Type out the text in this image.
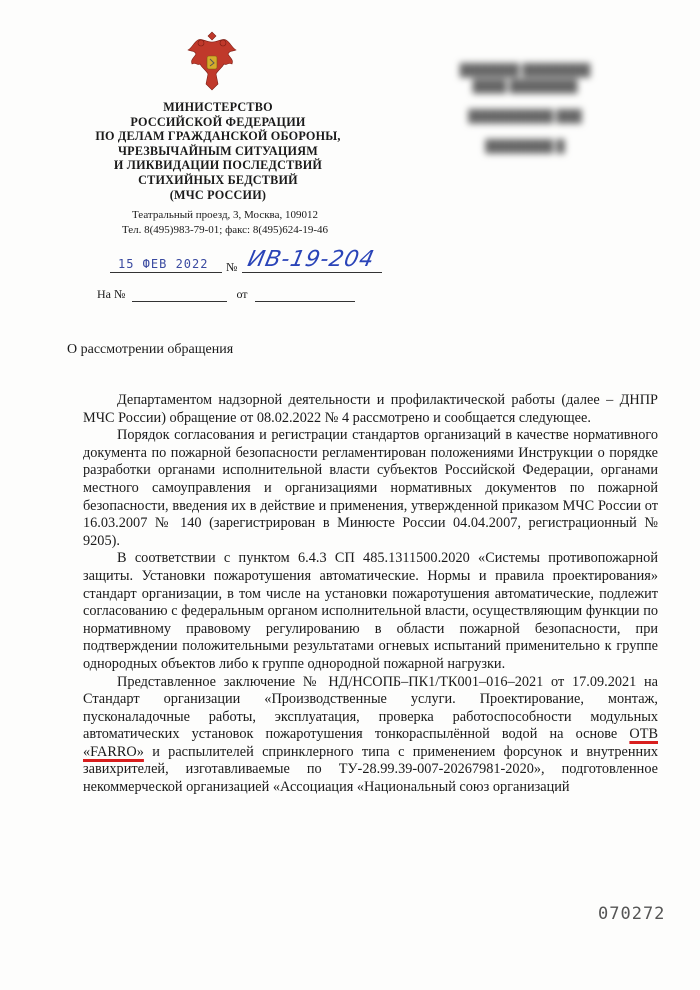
МИНИСТЕРСТВО
РОССИЙСКОЙ ФЕДЕРАЦИИ
ПО ДЕЛАМ ГРАЖДАНСКОЙ ОБОРОНЫ,
ЧРЕЗВЫЧАЙНЫМ СИТУАЦИЯМ
И ЛИКВИДАЦИИ ПОСЛЕДСТВИЙ
СТИХИЙНЫХ БЕДСТВИЙ
(МЧС РОССИИ)
Театральный проезд, 3, Москва, 109012
Тел. 8(495)983-79-01; факс: 8(495)624-19-46
███████ ████████
████ ████████
██████████ ███
████████ █
15 ФЕВ 2022 № ИВ-19-204
На №	от
О рассмотрении обращения

Департаментом надзорной деятельности и профилактической работы (далее – ДНПР МЧС России) обращение от 08.02.2022 № 4 рассмотрено и сообщается следующее.

Порядок согласования и регистрации стандартов организаций в качестве нормативного документа по пожарной безопасности регламентирован положениями Инструкции о порядке разработки органами исполнительной власти субъектов Российской Федерации, органами местного самоуправления и организациями нормативных документов по пожарной безопасности, введения их в действие и применения, утвержденной приказом МЧС России от 16.03.2007 № 140 (зарегистрирован в Минюсте России 04.04.2007, регистрационный № 9205).

В соответствии с пунктом 6.4.3 СП 485.1311500.2020 «Системы противопожарной защиты. Установки пожаротушения автоматические. Нормы и правила проектирования» стандарт организации, в том числе на установки пожаротушения автоматические, подлежит согласованию с федеральным органом исполнительной власти, осуществляющим функции по нормативному правовому регулированию в области пожарной безопасности, при подтверждении положительными результатами огневых испытаний применительно к группе однородных объектов либо к группе однородной пожарной нагрузки.

Представленное заключение № НД/НСОПБ–ПК1/ТК001–016–2021 от 17.09.2021 на Стандарт организации «Производственные услуги. Проектирование, монтаж, пусконаладочные работы, эксплуатация, проверка работоспособности модульных автоматических установок пожаротушения тонкораспылённой водой на основе ОТВ «FARRO» и распылителей спринклерного типа с применением форсунок и внутренних завихрителей, изготавливаемые по ТУ-28.99.39-007-20267981-2020», подготовленное некоммерческой организацией «Ассоциация «Национальный союз организаций

070272
